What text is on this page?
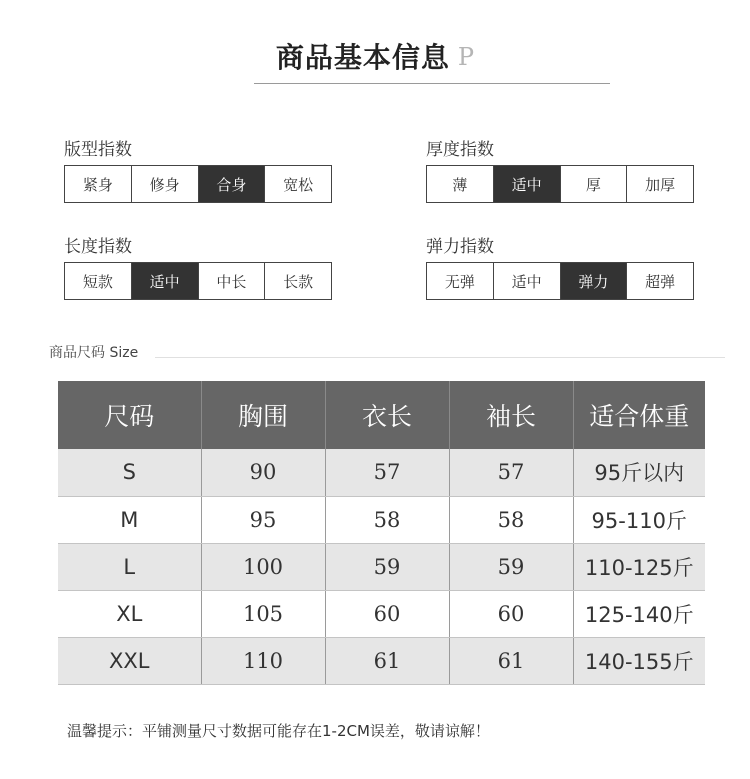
商品基本信息 P
版型指数
紧身	修身	合身	宽松
厚度指数
薄	适中	厚	加厚
长度指数
短款	适中	中长	长款
弹力指数
无弹	适中	弹力	超弹
商品尺码 Size
尺码	胸围	衣长	袖长	适合体重
S	90	57	57	95斤以内
M	95	58	58	95-110斤
L	100	59	59	110-125斤
XL	105	60	60	125-140斤
XXL	110	61	61	140-155斤
温馨提示：平铺测量尺寸数据可能存在1-2CM误差，敬请谅解！
